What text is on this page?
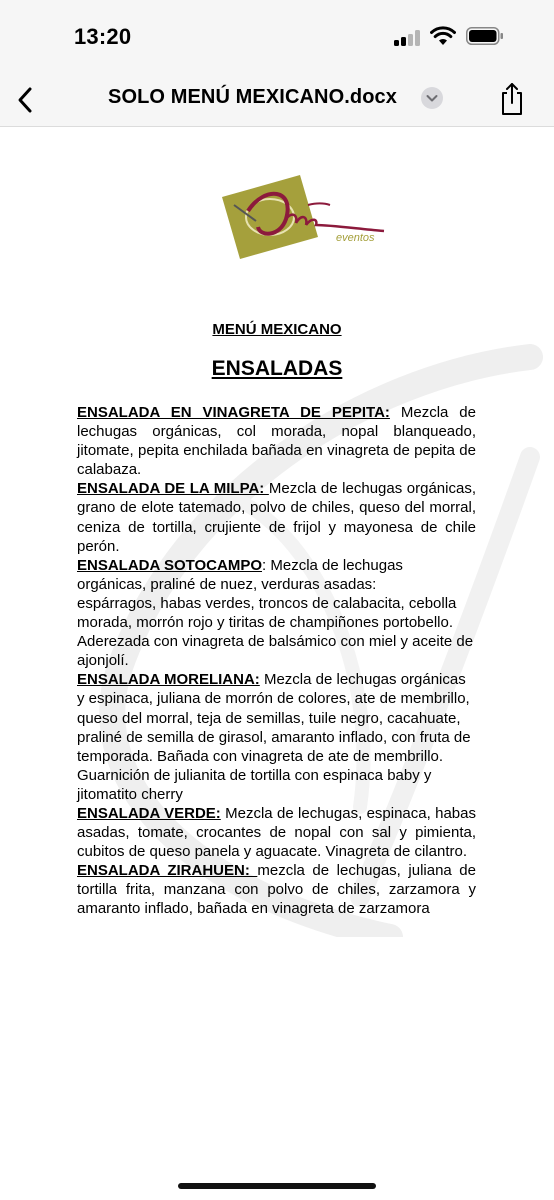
13:20
SOLO MENÚ MEXICANO.docx
eventos
MENÚ MEXICANO
ENSALADAS

ENSALADA EN VINAGRETA DE PEPITA: Mezcla de lechugas orgánicas, col morada, nopal blanqueado, jitomate, pepita enchilada bañada en vinagreta de pepita de calabaza.

ENSALADA DE LA MILPA: Mezcla de lechugas orgánicas, grano de elote tatemado, polvo de chiles, queso del morral, ceniza de tortilla, crujiente de frijol y mayonesa de chile perón.

ENSALADA SOTOCAMPO: Mezcla de lechugas orgánicas, praliné de nuez, verduras asadas:
espárragos, habas verdes, troncos de calabacita, cebolla morada, morrón rojo y tiritas de champiñones portobello. Aderezada con vinagreta de balsámico con miel y aceite de ajonjolí.

ENSALADA MORELIANA: Mezcla de lechugas orgánicas y espinaca, juliana de morrón de colores, ate de membrillo, queso del morral, teja de semillas, tuile negro, cacahuate, praliné de semilla de girasol, amaranto inflado, con fruta de temporada. Bañada con vinagreta de ate de membrillo. Guarnición de julianita de tortilla con espinaca baby y jitomatito cherry

ENSALADA VERDE: Mezcla de lechugas, espinaca, habas asadas, tomate, crocantes de nopal con sal y pimienta, cubitos de queso panela y aguacate. Vinagreta de cilantro.

ENSALADA ZIRAHUEN: mezcla de lechugas, juliana de tortilla frita, manzana con polvo de chiles, zarzamora y amaranto inflado, bañada en vinagreta de zarzamora
